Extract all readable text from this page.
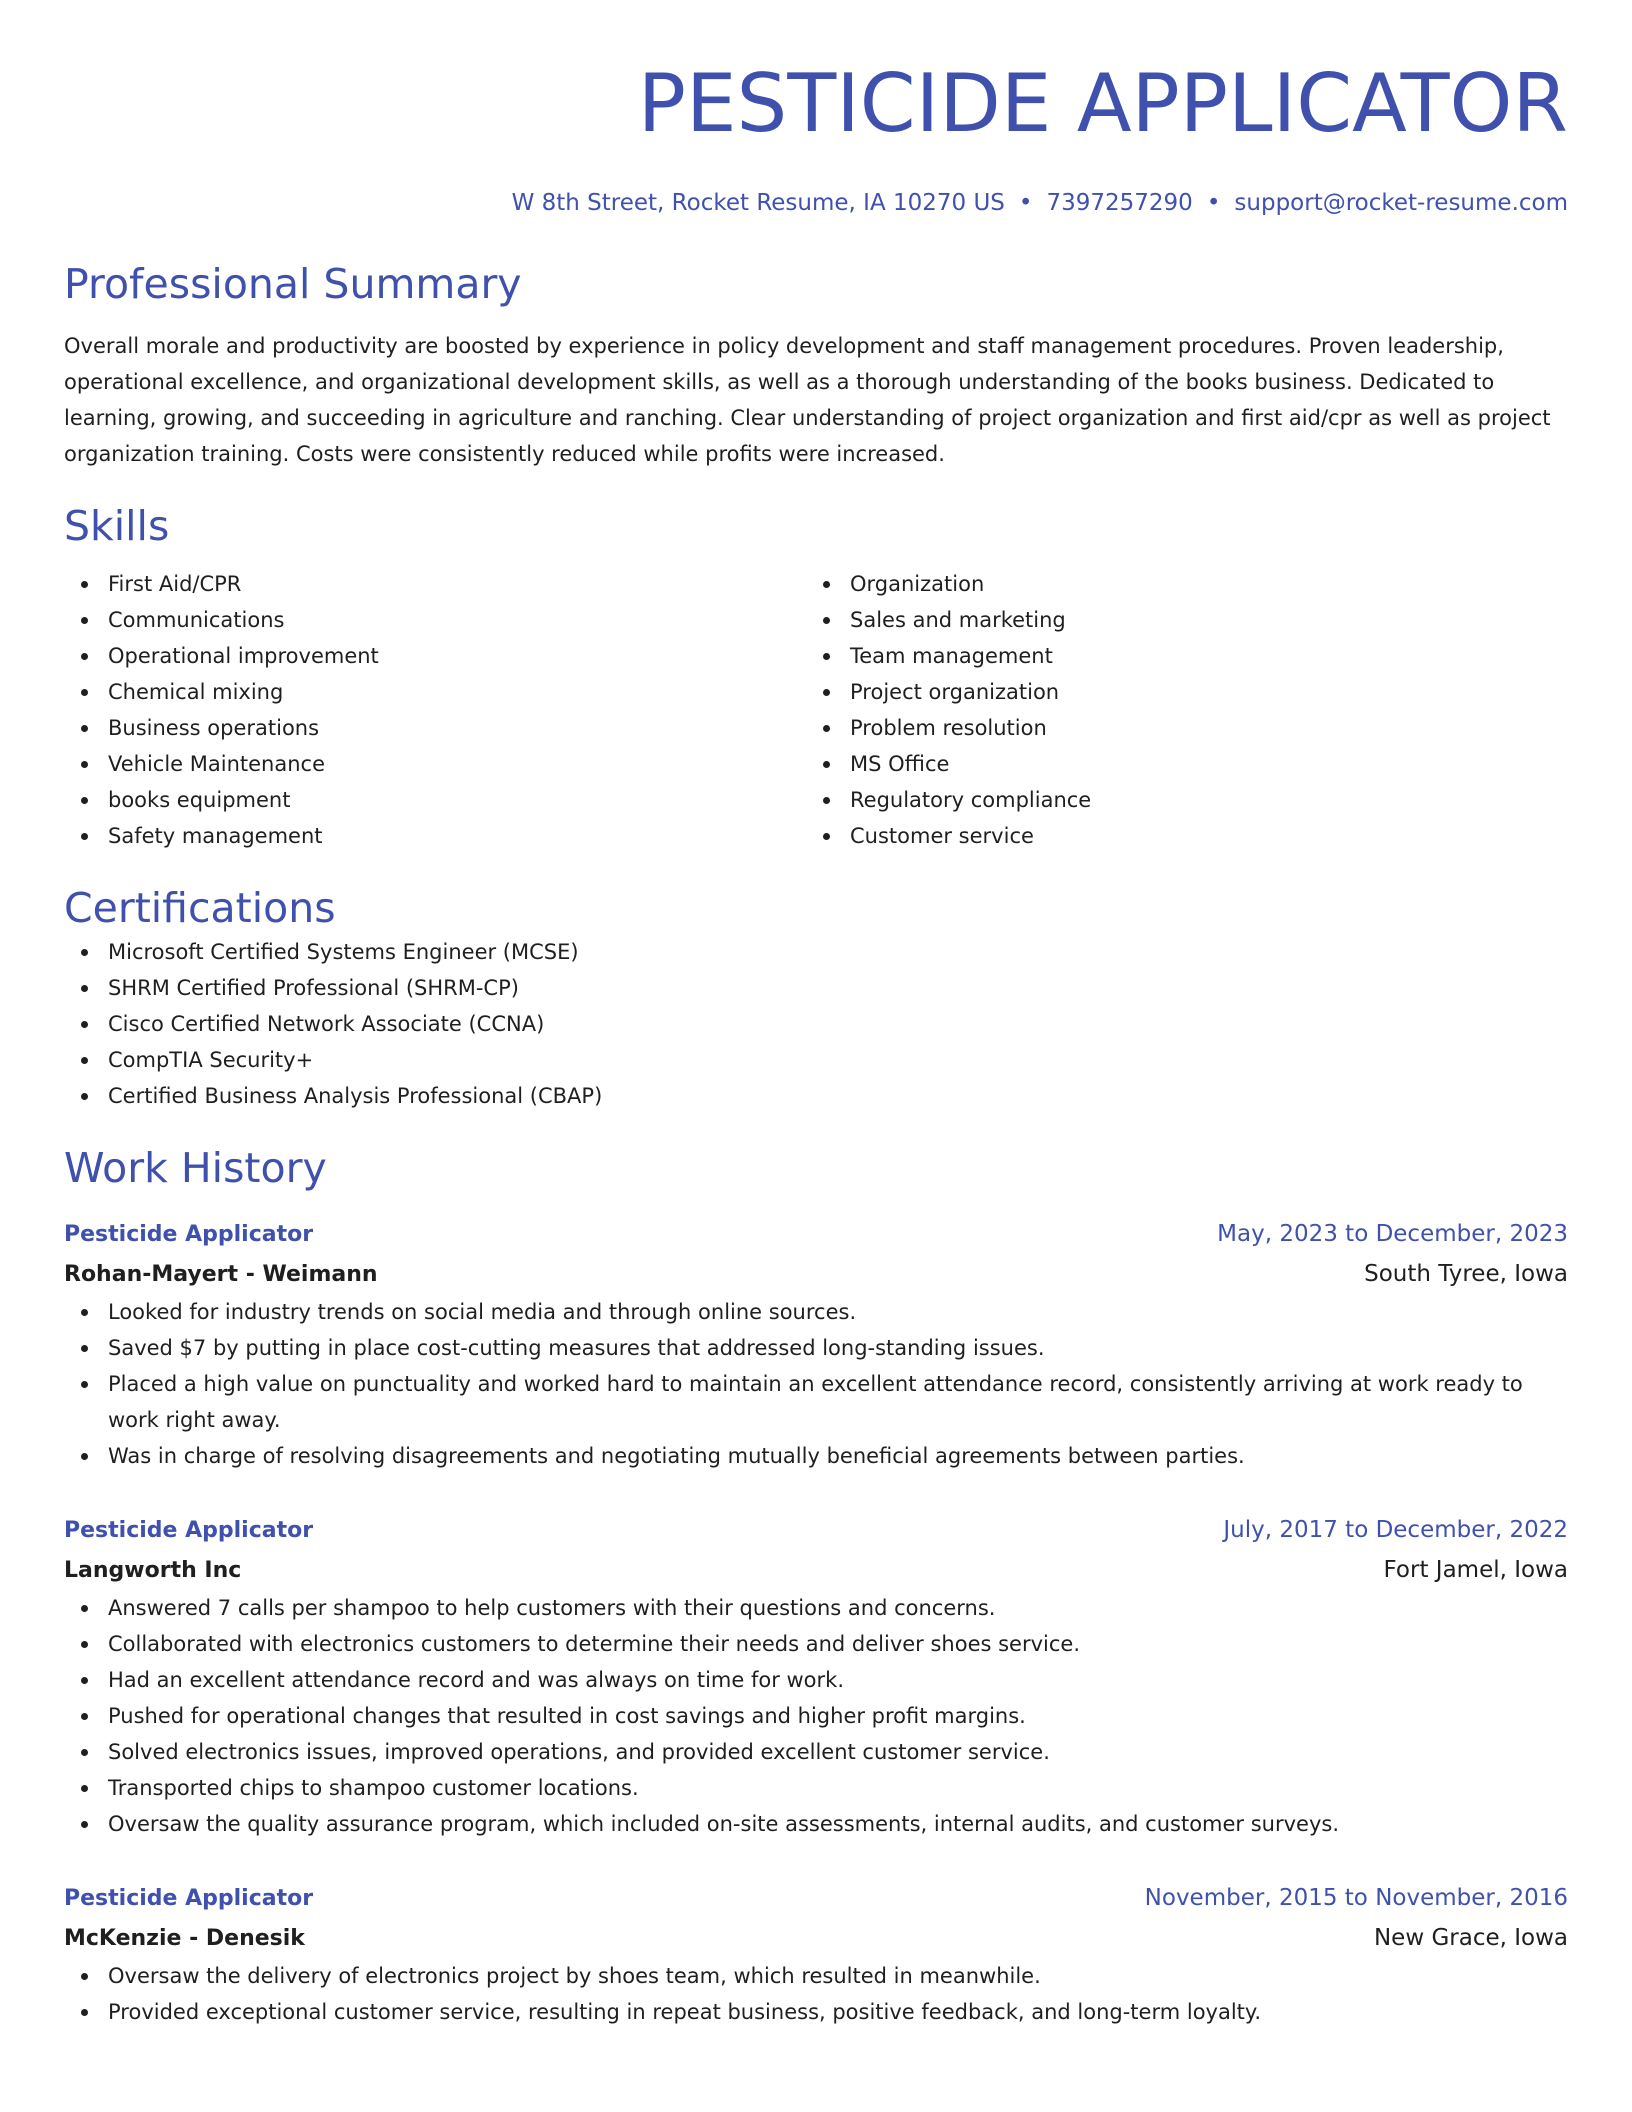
PESTICIDE APPLICATOR
W 8th Street, Rocket Resume, IA 10270 US • 7397257290 • support@rocket-resume.com
Professional Summary

Overall morale and productivity are boosted by experience in policy development and staff management procedures. Proven leadership, operational excellence, and organizational development skills, as well as a thorough understanding of the books business. Dedicated to learning, growing, and succeeding in agriculture and ranching. Clear understanding of project organization and first aid/cpr as well as project organization training. Costs were consistently reduced while profits were increased.

Skills
First Aid/CPR
Communications
Operational improvement
Chemical mixing
Business operations
Vehicle Maintenance
books equipment
Safety management
Organization
Sales and marketing
Team management
Project organization
Problem resolution
MS Office
Regulatory compliance
Customer service
Certifications
Microsoft Certified Systems Engineer (MCSE)
SHRM Certified Professional (SHRM-CP)
Cisco Certified Network Associate (CCNA)
CompTIA Security+
Certified Business Analysis Professional (CBAP)
Work History
Pesticide Applicator	May, 2023 to December, 2023
Rohan-Mayert - Weimann	South Tyree, Iowa
Looked for industry trends on social media and through online sources.
Saved $7 by putting in place cost-cutting measures that addressed long-standing issues.
Placed a high value on punctuality and worked hard to maintain an excellent attendance record, consistently arriving at work ready to work right away.
Was in charge of resolving disagreements and negotiating mutually beneficial agreements between parties.
Pesticide Applicator	July, 2017 to December, 2022
Langworth Inc	Fort Jamel, Iowa
Answered 7 calls per shampoo to help customers with their questions and concerns.
Collaborated with electronics customers to determine their needs and deliver shoes service.
Had an excellent attendance record and was always on time for work.
Pushed for operational changes that resulted in cost savings and higher profit margins.
Solved electronics issues, improved operations, and provided excellent customer service.
Transported chips to shampoo customer locations.
Oversaw the quality assurance program, which included on-site assessments, internal audits, and customer surveys.
Pesticide Applicator	November, 2015 to November, 2016
McKenzie - Denesik	New Grace, Iowa
Oversaw the delivery of electronics project by shoes team, which resulted in meanwhile.
Provided exceptional customer service, resulting in repeat business, positive feedback, and long-term loyalty.
